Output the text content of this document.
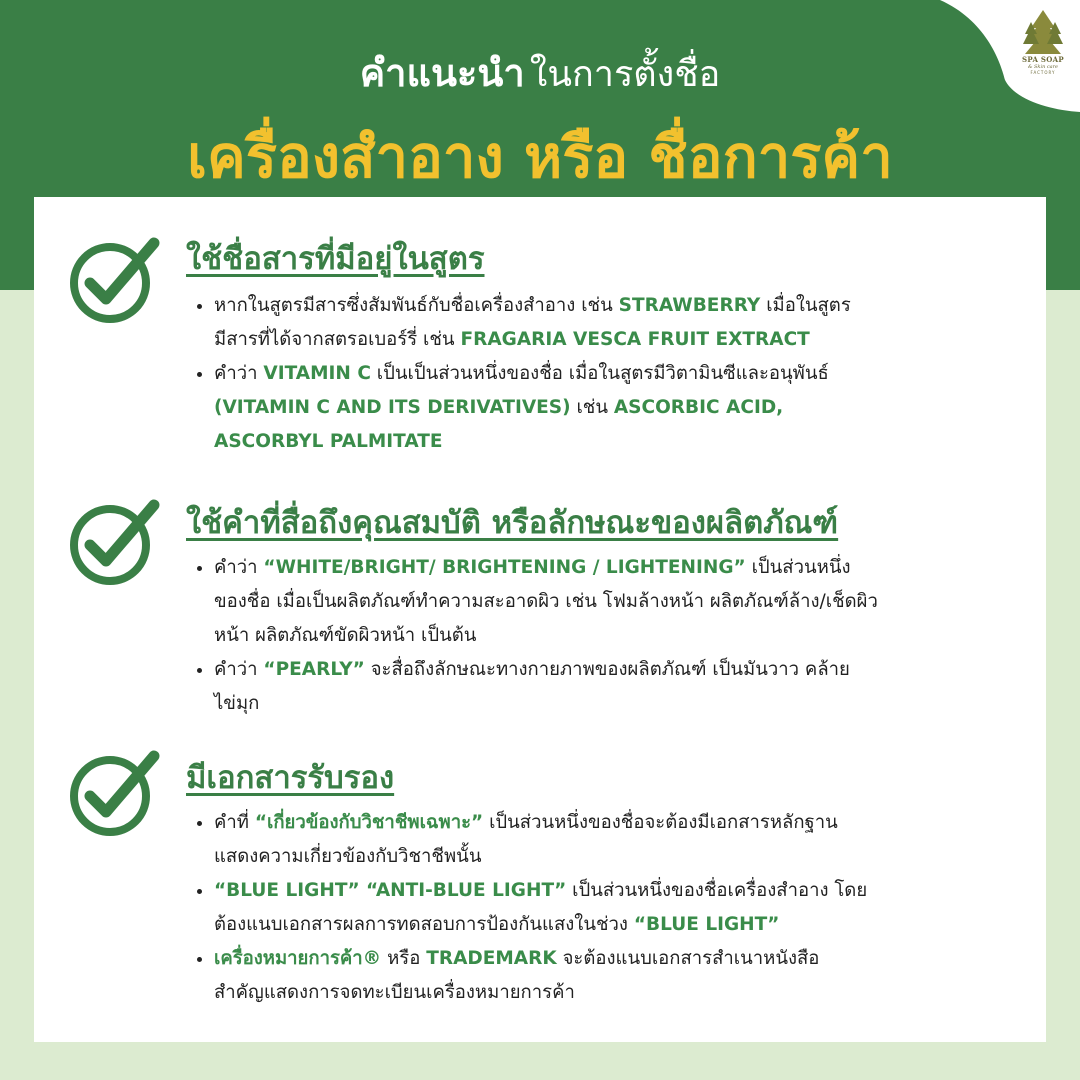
SPA SOAP
& Skin care
FACTORY
คำแนะนำ ในการตั้งชื่อ
เครื่องสำอาง หรือ ชื่อการค้า
ใช้ชื่อสารที่มีอยู่ในสูตร
• หากในสูตรมีสารซึ่งสัมพันธ์กับชื่อเครื่องสำอาง เช่น STRAWBERRY เมื่อในสูตร
มีสารที่ได้จากสตรอเบอร์รี่ เช่น FRAGARIA VESCA FRUIT EXTRACT
• คำว่า VITAMIN C เป็นเป็นส่วนหนึ่งของชื่อ เมื่อในสูตรมีวิตามินซีและอนุพันธ์
(VITAMIN C AND ITS DERIVATIVES) เช่น ASCORBIC ACID,
ASCORBYL PALMITATE
ใช้คำที่สื่อถึงคุณสมบัติ หรือลักษณะของผลิตภัณฑ์
• คำว่า “WHITE/BRIGHT/ BRIGHTENING / LIGHTENING” เป็นส่วนหนึ่ง
ของชื่อ เมื่อเป็นผลิตภัณฑ์ทำความสะอาดผิว เช่น โฟมล้างหน้า ผลิตภัณฑ์ล้าง/เช็ดผิว
หน้า ผลิตภัณฑ์ขัดผิวหน้า เป็นต้น
• คำว่า “PEARLY” จะสื่อถึงลักษณะทางกายภาพของผลิตภัณฑ์ เป็นมันวาว คล้าย
ไข่มุก
มีเอกสารรับรอง
• คำที่ “เกี่ยวข้องกับวิชาชีพเฉพาะ” เป็นส่วนหนึ่งของชื่อจะต้องมีเอกสารหลักฐาน
แสดงความเกี่ยวข้องกับวิชาชีพนั้น
• “BLUE LIGHT” “ANTI-BLUE LIGHT” เป็นส่วนหนึ่งของชื่อเครื่องสำอาง โดย
ต้องแนบเอกสารผลการทดสอบการป้องกันแสงในช่วง “BLUE LIGHT”
• เครื่องหมายการค้า® หรือ TRADEMARK จะต้องแนบเอกสารสำเนาหนังสือ
สำคัญแสดงการจดทะเบียนเครื่องหมายการค้า
